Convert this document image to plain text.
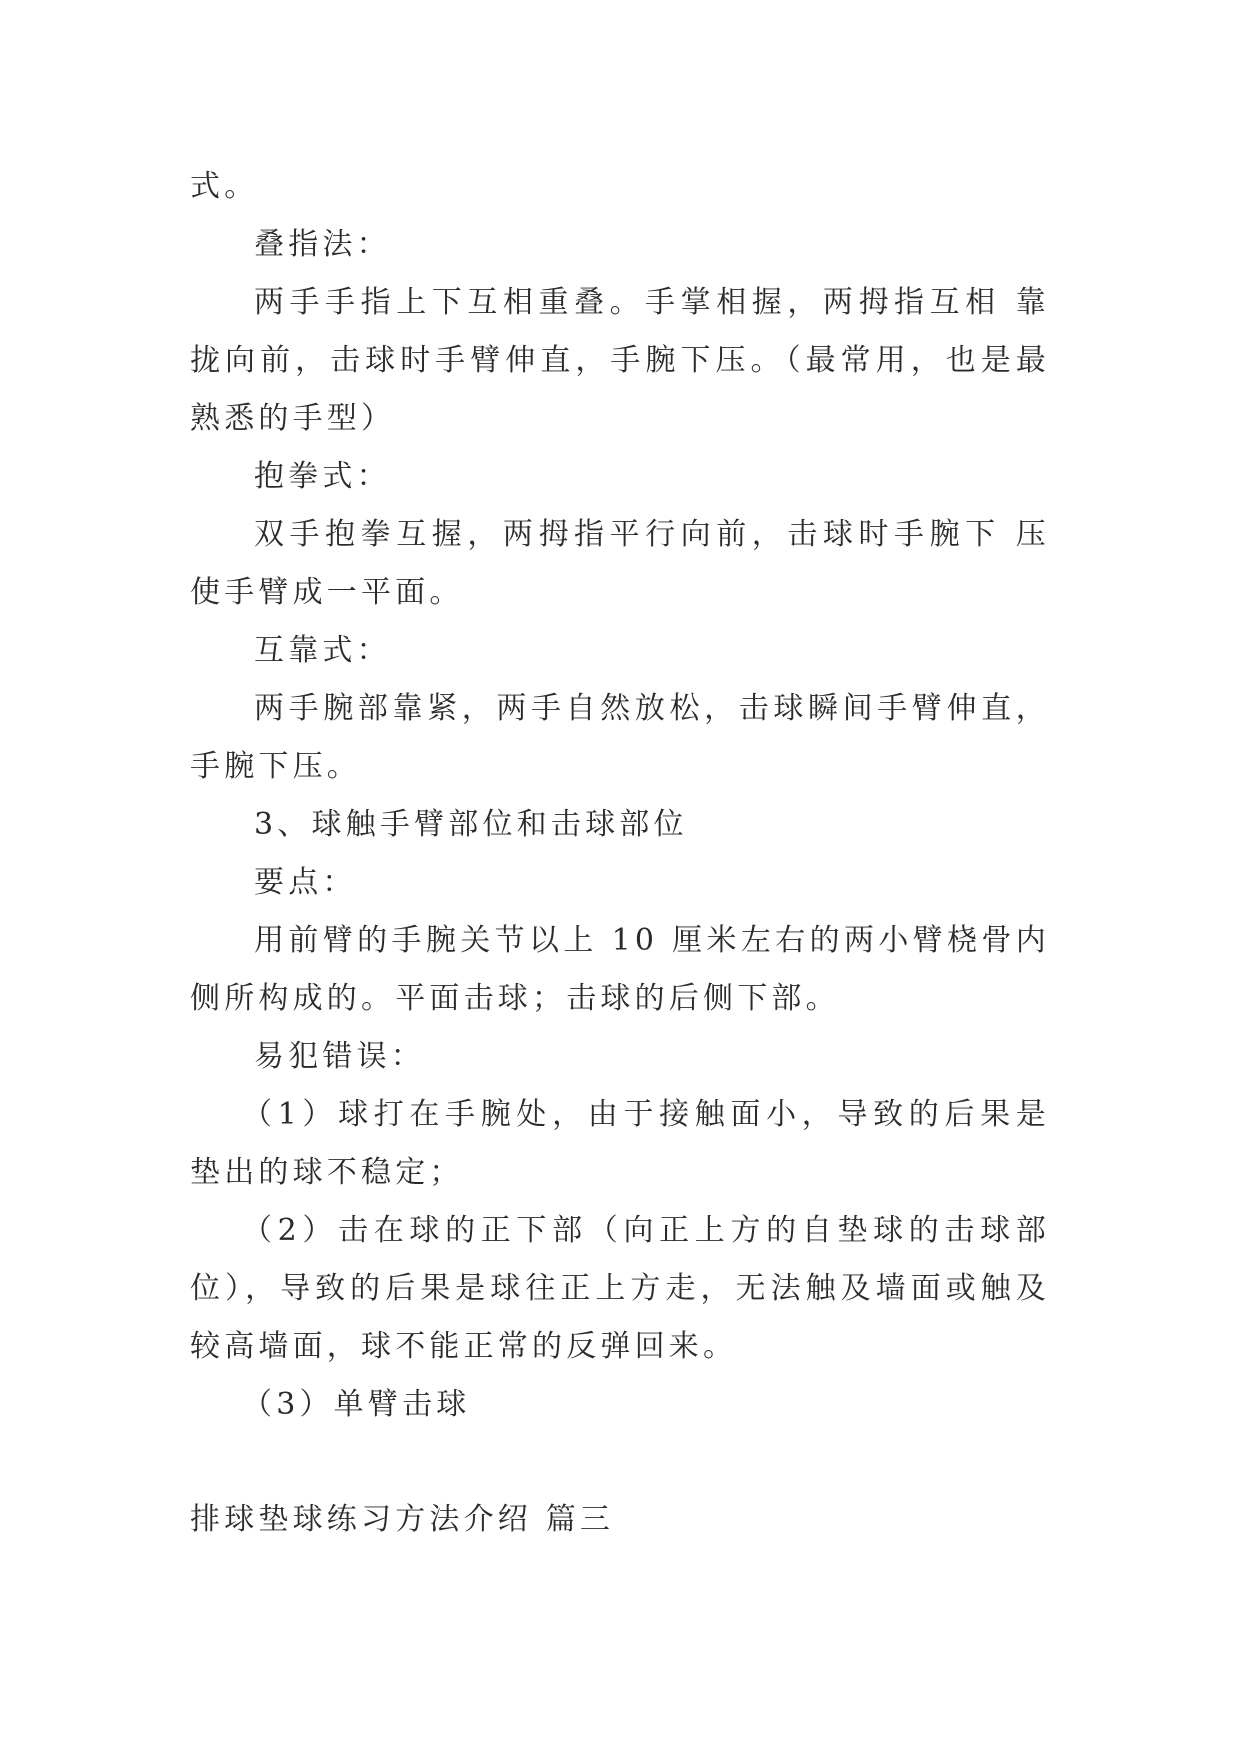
式。

叠指法：

两手手指上下互相重叠。手掌相握，两拇指互相 靠拢向前，击球时手臂伸直，手腕下压。（最常用，也是最熟悉的手型）

抱拳式：

双手抱拳互握，两拇指平行向前，击球时手腕下 压使手臂成一平面。

互靠式：

两手腕部靠紧，两手自然放松，击球瞬间手臂伸直，手腕下压。

3、球触手臂部位和击球部位

要点：

用前臂的手腕关节以上 10 厘米左右的两小臂桡骨内侧所构成的。平面击球；击球的后侧下部。

易犯错误：

（1）球打在手腕处，由于接触面小，导致的后果是垫出的球不稳定；

（2）击在球的正下部（向正上方的自垫球的击球部位），导致的后果是球往正上方走，无法触及墙面或触及较高墙面，球不能正常的反弹回来。

（3）单臂击球

排球垫球练习方法介绍 篇三
